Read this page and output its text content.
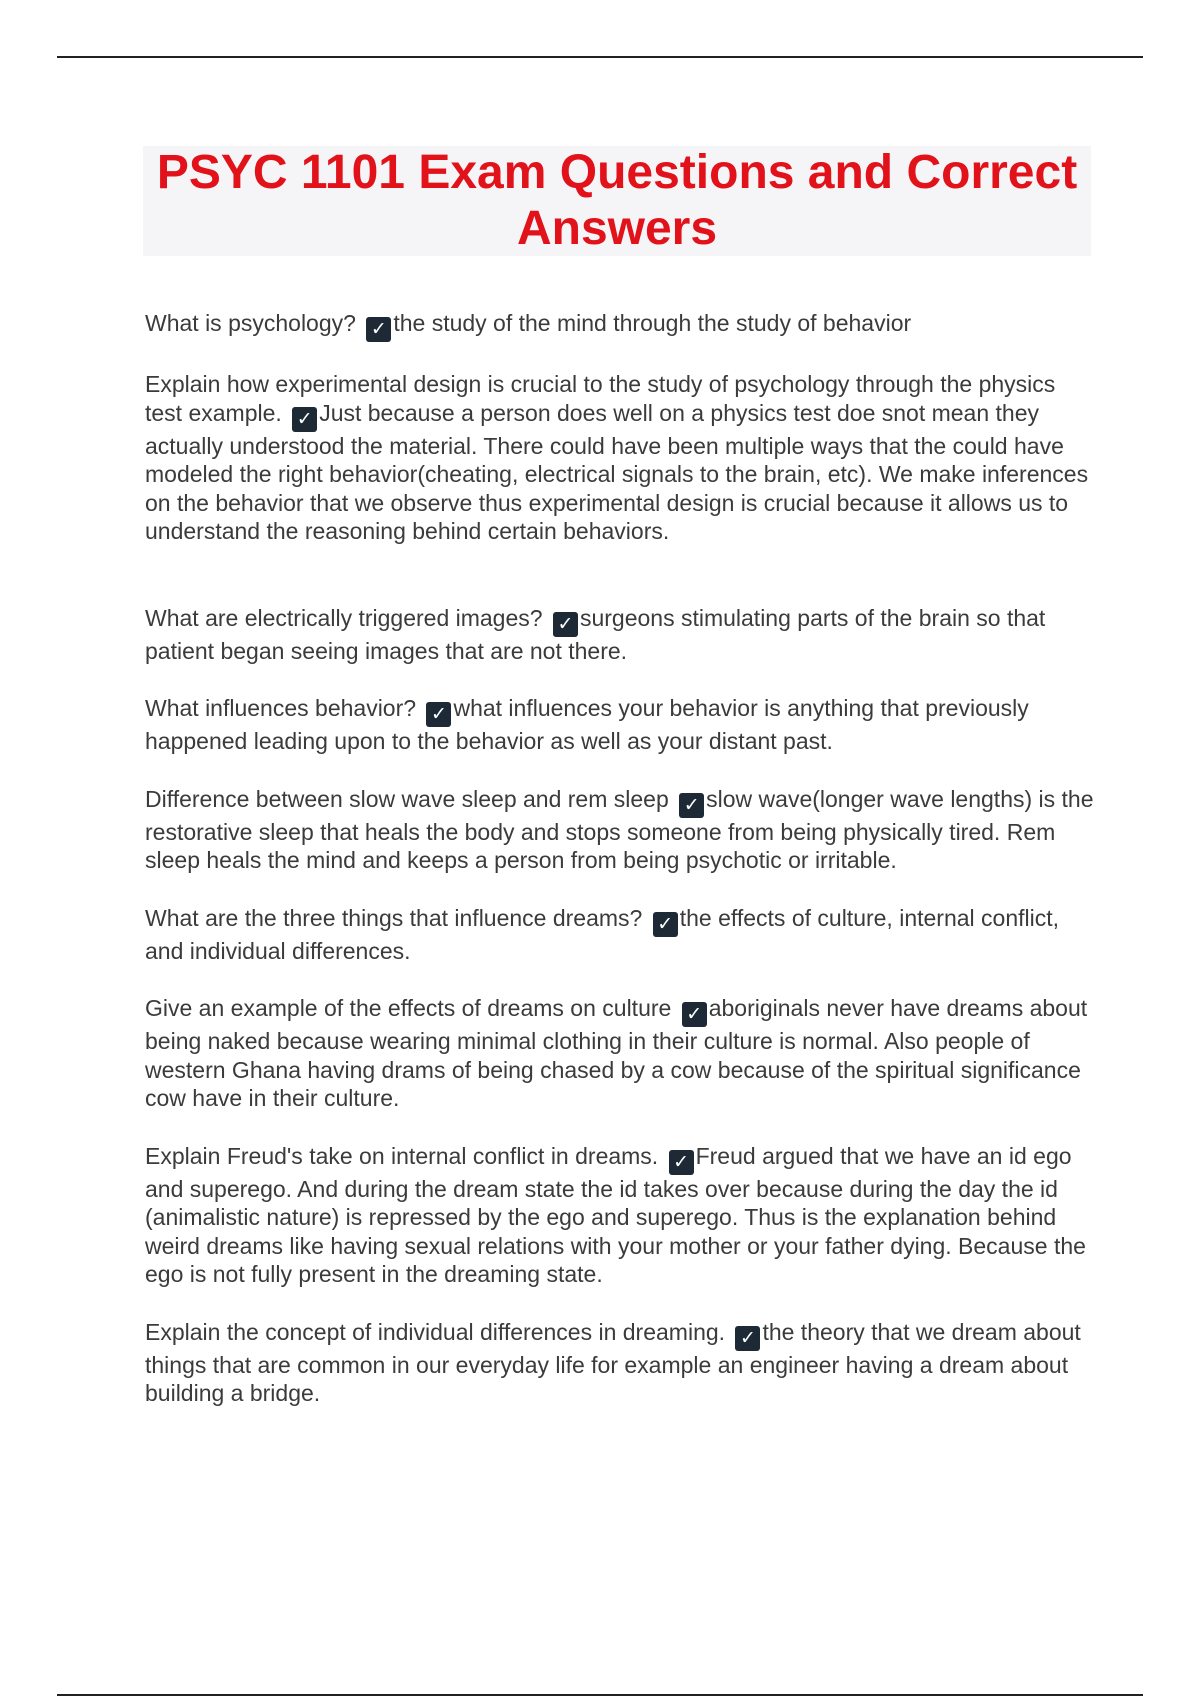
PSYC 1101 Exam Questions and Correct Answers

What is psychology? ✓ the study of the mind through the study of behavior

Explain how experimental design is crucial to the study of psychology through the physics test example. ✓ Just because a person does well on a physics test doe snot mean they actually understood the material. There could have been multiple ways that the could have modeled the right behavior(cheating, electrical signals to the brain, etc). We make inferences on the behavior that we observe thus experimental design is crucial because it allows us to understand the reasoning behind certain behaviors.

What are electrically triggered images? ✓ surgeons stimulating parts of the brain so that patient began seeing images that are not there.

What influences behavior? ✓ what influences your behavior is anything that previously happened leading upon to the behavior as well as your distant past.

Difference between slow wave sleep and rem sleep ✓ slow wave(longer wave lengths) is the restorative sleep that heals the body and stops someone from being physically tired. Rem sleep heals the mind and keeps a person from being psychotic or irritable.

What are the three things that influence dreams? ✓ the effects of culture, internal conflict, and individual differences.

Give an example of the effects of dreams on culture ✓ aboriginals never have dreams about being naked because wearing minimal clothing in their culture is normal. Also people of western Ghana having drams of being chased by a cow because of the spiritual significance cow have in their culture.

Explain Freud's take on internal conflict in dreams. ✓ Freud argued that we have an id ego and superego. And during the dream state the id takes over because during the day the id (animalistic nature) is repressed by the ego and superego. Thus is the explanation behind weird dreams like having sexual relations with your mother or your father dying. Because the ego is not fully present in the dreaming state.

Explain the concept of individual differences in dreaming. ✓ the theory that we dream about things that are common in our everyday life for example an engineer having a dream about building a bridge.
